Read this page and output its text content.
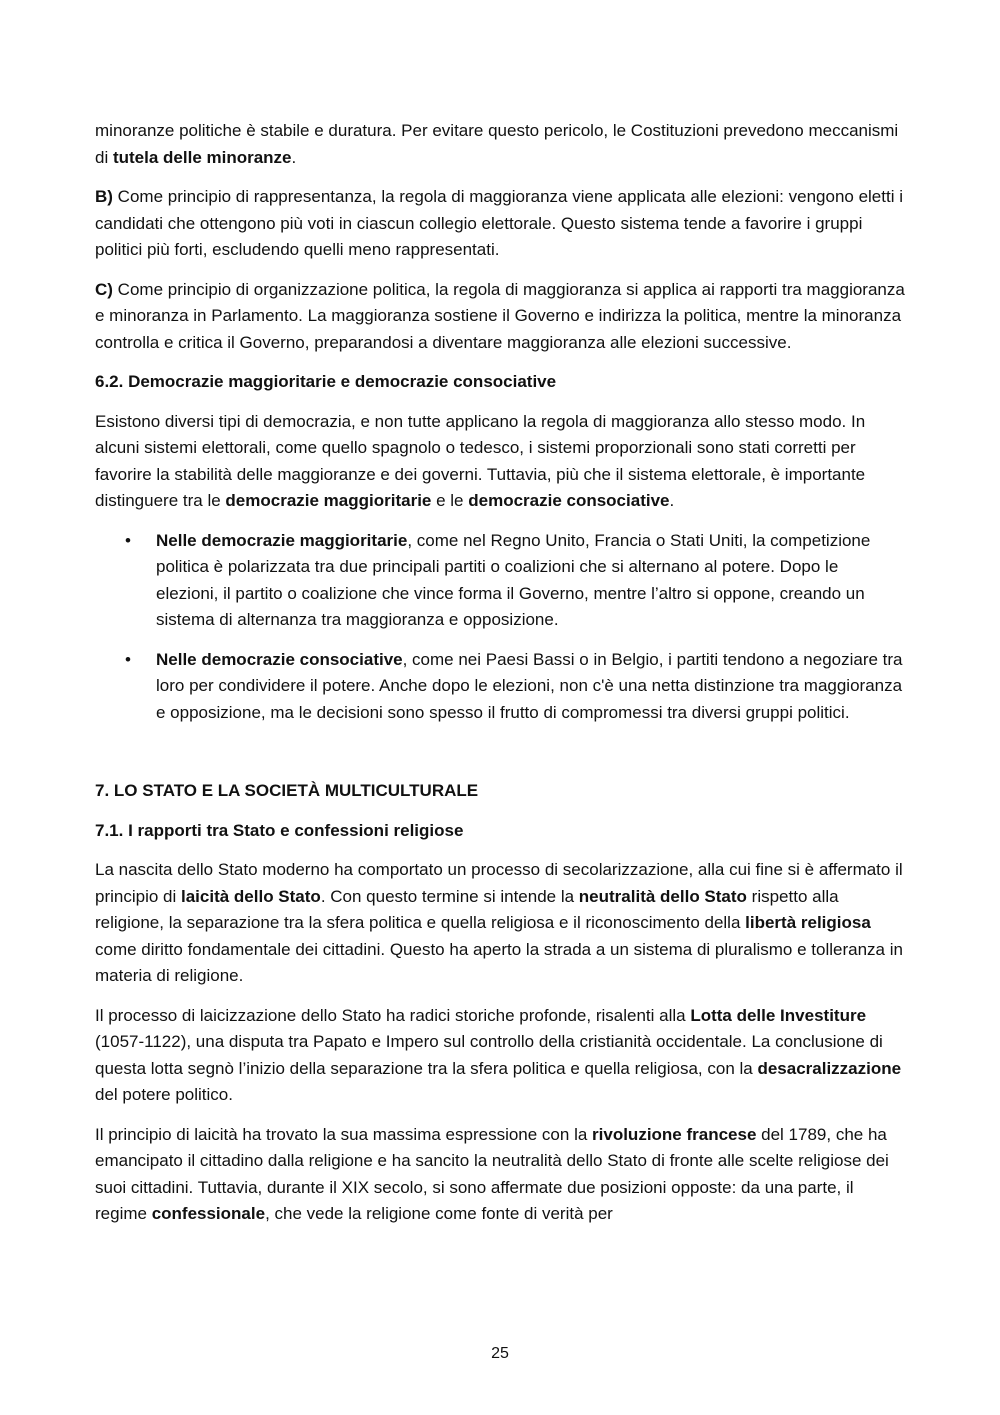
minoranze politiche è stabile e duratura. Per evitare questo pericolo, le Costituzioni prevedono meccanismi di tutela delle minoranze.

B) Come principio di rappresentanza, la regola di maggioranza viene applicata alle elezioni: vengono eletti i candidati che ottengono più voti in ciascun collegio elettorale. Questo sistema tende a favorire i gruppi politici più forti, escludendo quelli meno rappresentati.

C) Come principio di organizzazione politica, la regola di maggioranza si applica ai rapporti tra maggioranza e minoranza in Parlamento. La maggioranza sostiene il Governo e indirizza la politica, mentre la minoranza controlla e critica il Governo, preparandosi a diventare maggioranza alle elezioni successive.

6.2. Democrazie maggioritarie e democrazie consociative

Esistono diversi tipi di democrazia, e non tutte applicano la regola di maggioranza allo stesso modo. In alcuni sistemi elettorali, come quello spagnolo o tedesco, i sistemi proporzionali sono stati corretti per favorire la stabilità delle maggioranze e dei governi. Tuttavia, più che il sistema elettorale, è importante distinguere tra le democrazie maggioritarie e le democrazie consociative.

• Nelle democrazie maggioritarie, come nel Regno Unito, Francia o Stati Uniti, la competizione politica è polarizzata tra due principali partiti o coalizioni che si alternano al potere. Dopo le elezioni, il partito o coalizione che vince forma il Governo, mentre l’altro si oppone, creando un sistema di alternanza tra maggioranza e opposizione.
• Nelle democrazie consociative, come nei Paesi Bassi o in Belgio, i partiti tendono a negoziare tra loro per condividere il potere. Anche dopo le elezioni, non c'è una netta distinzione tra maggioranza e opposizione, ma le decisioni sono spesso il frutto di compromessi tra diversi gruppi politici.
7. LO STATO E LA SOCIETÀ MULTICULTURALE
7.1. I rapporti tra Stato e confessioni religiose

La nascita dello Stato moderno ha comportato un processo di secolarizzazione, alla cui fine si è affermato il principio di laicità dello Stato. Con questo termine si intende la neutralità dello Stato rispetto alla religione, la separazione tra la sfera politica e quella religiosa e il riconoscimento della libertà religiosa come diritto fondamentale dei cittadini. Questo ha aperto la strada a un sistema di pluralismo e tolleranza in materia di religione.

Il processo di laicizzazione dello Stato ha radici storiche profonde, risalenti alla Lotta delle Investiture (1057-1122), una disputa tra Papato e Impero sul controllo della cristianità occidentale. La conclusione di questa lotta segnò l’inizio della separazione tra la sfera politica e quella religiosa, con la desacralizzazione del potere politico.

Il principio di laicità ha trovato la sua massima espressione con la rivoluzione francese del 1789, che ha emancipato il cittadino dalla religione e ha sancito la neutralità dello Stato di fronte alle scelte religiose dei suoi cittadini. Tuttavia, durante il XIX secolo, si sono affermate due posizioni opposte: da una parte, il regime confessionale, che vede la religione come fonte di verità per

25
